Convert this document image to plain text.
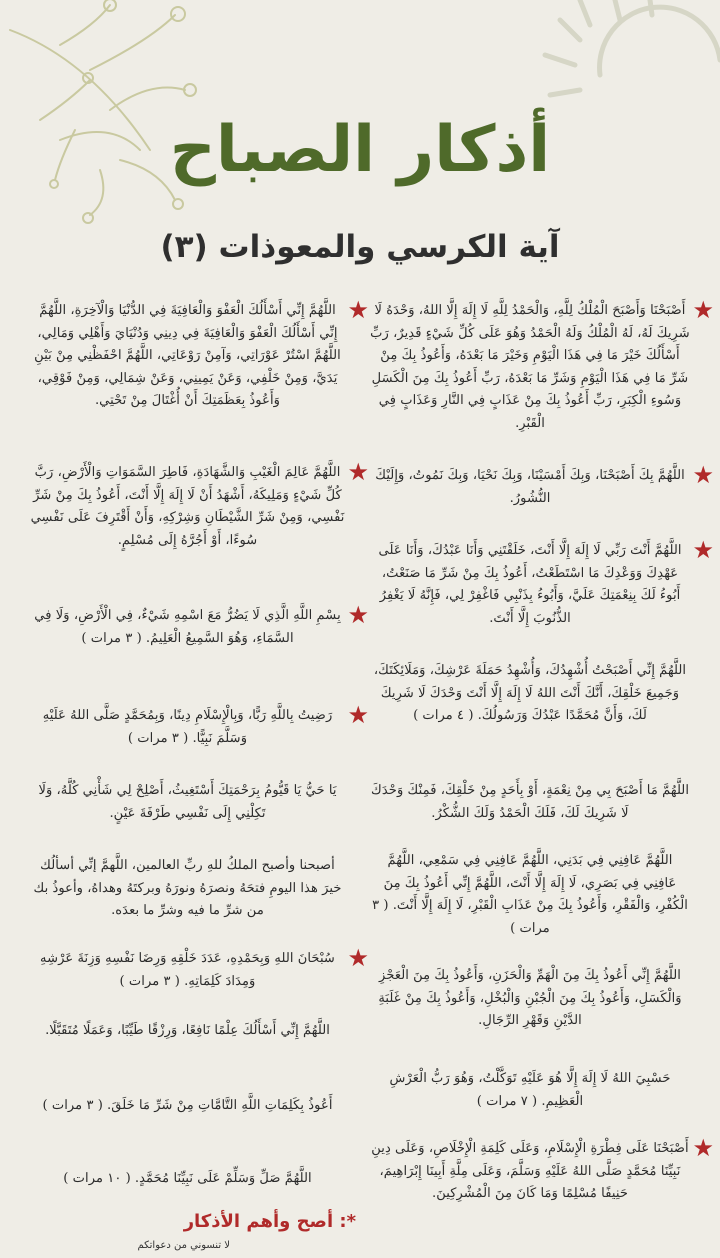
أذكار الصباح
آية الكرسي والمعوذات (٣)
★
أَصْبَحْنَا وَأَصْبَحَ الْمُلْكُ لِلَّهِ، وَالْحَمْدُ لِلَّهِ لَا إِلَهَ إِلَّا اللهُ، وَحْدَهُ لَا شَرِيكَ لَهُ، لَهُ الْمُلْكُ وَلَهُ الْحَمْدُ وَهُوَ عَلَى كُلِّ شَيْءٍ قَدِيرٌ، رَبِّ أَسْأَلُكَ خَيْرَ مَا فِي هَذَا الْيَوْمِ وَخَيْرَ مَا بَعْدَهُ، وَأَعُوذُ بِكَ مِنْ شَرِّ مَا فِي هَذَا الْيَوْمِ وَشَرِّ مَا بَعْدَهُ، رَبِّ أَعُوذُ بِكَ مِنَ الْكَسَلِ وَسُوءِ الْكِبَرِ، رَبِّ أَعُوذُ بِكَ مِنْ عَذَابٍ فِي النَّارِ وَعَذَابٍ فِي الْقَبْرِ.
★
اللَّهُمَّ بِكَ أَصْبَحْنَا، وَبِكَ أَمْسَيْنَا، وَبِكَ نَحْيَا، وَبِكَ نَمُوتُ، وَإِلَيْكَ النُّشُورُ.
★
اللَّهُمَّ أَنْتَ رَبِّي لَا إِلَهَ إِلَّا أَنْتَ، خَلَقْتَنِي وَأَنَا عَبْدُكَ، وَأَنَا عَلَى عَهْدِكَ وَوَعْدِكَ مَا اسْتَطَعْتُ، أَعُوذُ بِكَ مِنْ شَرِّ مَا صَنَعْتُ، أَبُوءُ لَكَ بِنِعْمَتِكَ عَلَيَّ، وَأَبُوءُ بِذَنْبِي فَاغْفِرْ لِي، فَإِنَّهُ لَا يَغْفِرُ الذُّنُوبَ إِلَّا أَنْتَ.
اللَّهُمَّ إِنِّي أَصْبَحْتُ أُشْهِدُكَ، وَأُشْهِدُ حَمَلَةَ عَرْشِكَ، وَمَلَائِكَتَكَ، وَجَمِيعَ خَلْقِكَ، أَنَّكَ أَنْتَ اللهُ لَا إِلَهَ إِلَّا أَنْتَ وَحْدَكَ لَا شَرِيكَ لَكَ، وَأَنَّ مُحَمَّدًا عَبْدُكَ وَرَسُولُكَ. ( ٤ مرات )
اللَّهُمَّ مَا أَصْبَحَ بِي مِنْ نِعْمَةٍ، أَوْ بِأَحَدٍ مِنْ خَلْقِكَ، فَمِنْكَ وَحْدَكَ لَا شَرِيكَ لَكَ، فَلَكَ الْحَمْدُ وَلَكَ الشُّكْرُ.
اللَّهُمَّ عَافِنِي فِي بَدَنِي، اللَّهُمَّ عَافِنِي فِي سَمْعِي، اللَّهُمَّ عَافِنِي فِي بَصَرِي، لَا إِلَهَ إِلَّا أَنْتَ، اللَّهُمَّ إِنِّي أَعُوذُ بِكَ مِنَ الْكُفْرِ، وَالْفَقْرِ، وَأَعُوذُ بِكَ مِنْ عَذَابِ الْقَبْرِ، لَا إِلَهَ إِلَّا أَنْتَ. ( ٣ مرات )
اللَّهُمَّ إِنِّي أَعُوذُ بِكَ مِنَ الْهَمِّ وَالْحَزَنِ، وَأَعُوذُ بِكَ مِنَ الْعَجْزِ وَالْكَسَلِ، وَأَعُوذُ بِكَ مِنَ الْجُبْنِ وَالْبُخْلِ، وَأَعُوذُ بِكَ مِنْ غَلَبَةِ الدَّيْنِ وَقَهْرِ الرِّجَالِ.
حَسْبِيَ اللهُ لَا إِلَهَ إِلَّا هُوَ عَلَيْهِ تَوَكَّلْتُ، وَهُوَ رَبُّ الْعَرْشِ الْعَظِيمِ. ( ٧ مرات )
★
أَصْبَحْنَا عَلَى فِطْرَةِ الْإِسْلَامِ، وَعَلَى كَلِمَةِ الْإِخْلَاصِ، وَعَلَى دِينِ نَبِيِّنَا مُحَمَّدٍ صَلَّى اللهُ عَلَيْهِ وَسَلَّمَ، وَعَلَى مِلَّةِ أَبِينَا إِبْرَاهِيمَ، حَنِيفًا مُسْلِمًا وَمَا كَانَ مِنَ الْمُشْرِكِينَ.
★
اللَّهُمَّ إِنِّي أَسْأَلُكَ الْعَفْوَ وَالْعَافِيَةَ فِي الدُّنْيَا وَالْآخِرَةِ، اللَّهُمَّ إِنِّي أَسْأَلُكَ الْعَفْوَ وَالْعَافِيَةَ فِي دِينِي وَدُنْيَايَ وَأَهْلِي وَمَالِي، اللَّهُمَّ اسْتُرْ عَوْرَاتِي، وَآمِنْ رَوْعَاتِي، اللَّهُمَّ احْفَظْنِي مِنْ بَيْنِ يَدَيَّ، وَمِنْ خَلْفِي، وَعَنْ يَمِينِي، وَعَنْ شِمَالِي، وَمِنْ فَوْقِي، وَأَعُوذُ بِعَظَمَتِكَ أَنْ أُغْتَالَ مِنْ تَحْتِي.
★
اللَّهُمَّ عَالِمَ الْغَيْبِ وَالشَّهَادَةِ، فَاطِرَ السَّمَوَاتِ وَالْأَرْضِ، رَبَّ كُلِّ شَيْءٍ وَمَلِيكَهُ، أَشْهَدُ أَنْ لَا إِلَهَ إِلَّا أَنْتَ، أَعُوذُ بِكَ مِنْ شَرِّ نَفْسِي، وَمِنْ شَرِّ الشَّيْطَانِ وَشِرْكِهِ، وَأَنْ أَقْتَرِفَ عَلَى نَفْسِي سُوءًا، أَوْ أَجُرَّهُ إِلَى مُسْلِمٍ.
★
بِسْمِ اللَّهِ الَّذِي لَا يَضُرُّ مَعَ اسْمِهِ شَيْءٌ، فِي الْأَرْضِ، وَلَا فِي السَّمَاءِ، وَهُوَ السَّمِيعُ الْعَلِيمُ. ( ٣ مرات )
★
رَضِيتُ بِاللَّهِ رَبًّا، وَبِالْإِسْلَامِ دِينًا، وَبِمُحَمَّدٍ صَلَّى اللهُ عَلَيْهِ وَسَلَّمَ نَبِيًّا. ( ٣ مرات )
يَا حَيُّ يَا قَيُّومُ بِرَحْمَتِكَ أَسْتَغِيثُ، أَصْلِحْ لِي شَأْنِي كُلَّهُ، وَلَا تَكِلْنِي إِلَى نَفْسِي طَرْفَةَ عَيْنٍ.
أصبحنا وأصبح الملكُ للهِ ربِّ العالمين، اللَّهمَّ إنِّي أسألُك خيرَ هذا اليومِ فتحَهُ ونصرَهُ ونورَهُ وبركتَهُ وهداهُ، وأعوذُ بك من شرِّ ما فيه وشرِّ ما بعدَه.
★
سُبْحَانَ اللهِ وَبِحَمْدِهِ، عَدَدَ خَلْقِهِ وَرِضَا نَفْسِهِ وَزِنَةَ عَرْشِهِ وَمِدَادَ كَلِمَاتِهِ. ( ٣ مرات )
اللَّهُمَّ إِنِّي أَسْأَلُكَ عِلْمًا نَافِعًا، وَرِزْقًا طَيِّبًا، وَعَمَلًا مُتَقَبَّلًا.
أَعُوذُ بِكَلِمَاتِ اللَّهِ التَّامَّاتِ مِنْ شَرِّ مَا خَلَقَ. ( ٣ مرات )
اللَّهُمَّ صَلِّ وَسَلِّمْ عَلَى نَبِيِّنَا مُحَمَّدٍ. ( ١٠ مرات )
*: أصح وأهم الأذكار
لا تنسوني من دعواتكم
